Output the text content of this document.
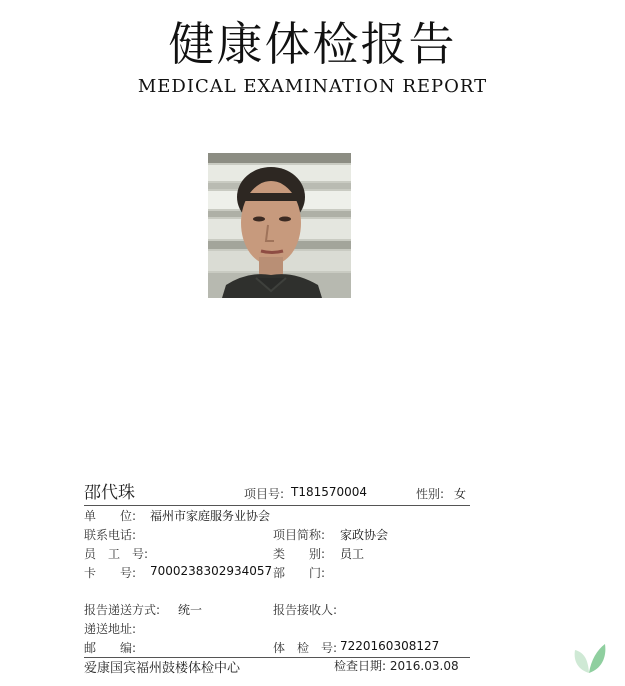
健康体检报告
MEDICAL EXAMINATION REPORT
邵代珠	项目号: T181570004	性别: 女
单　　位: 福州市家庭服务业协会
联系电话:	项目简称: 家政协会
员　工　号:	类　　别: 员工
卡　　号: 7000238302934057 部　　门:
报告递送方式: 统一	报告接收人:
递送地址:
邮　　编:	体　检　号: 7220160308127
爱康国宾福州鼓楼体检中心	检查日期: 2016.03.08
